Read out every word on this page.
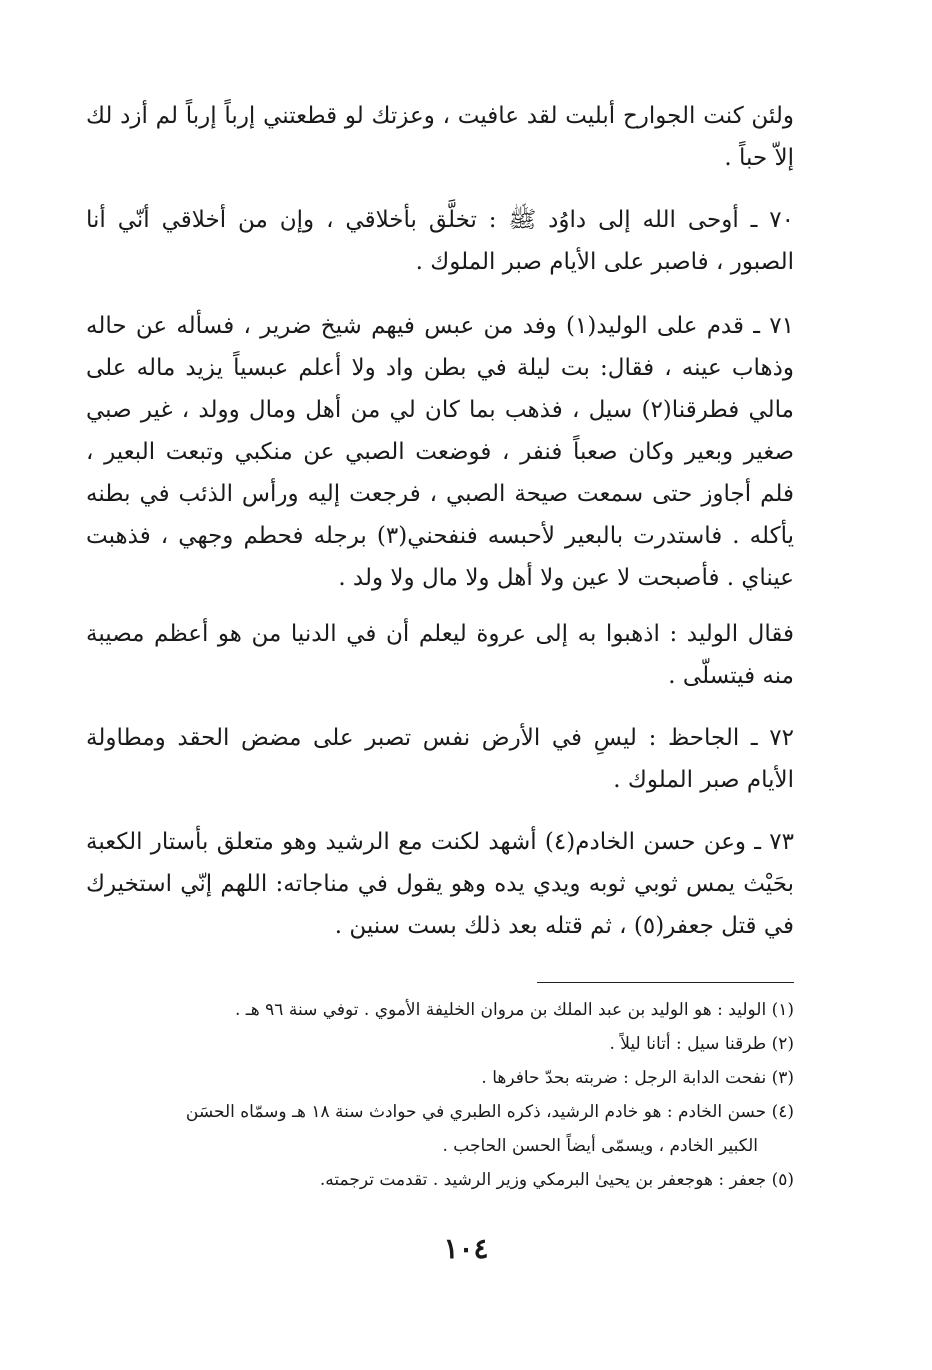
ولئن كنت الجوارح أبليت لقد عافيت ، وعزتك لو قطعتني إرباً إرباً لم أزد لك إلاّ حباً .

٧٠ ـ أوحى الله إلى داوُد ﷺ : تخلَّق بأخلاقي ، وإن من أخلاقي أنّي أنا الصبور ، فاصبر على الأيام صبر الملوك .

٧١ ـ قدم على الوليد(١) وفد من عبس فيهم شيخ ضرير ، فسأله عن حاله وذهاب عينه ، فقال: بت ليلة في بطن واد ولا أعلم عبسياً يزيد ماله على مالي فطرقنا(٢) سيل ، فذهب بما كان لي من أهل ومال وولد ، غير صبي صغير وبعير وكان صعباً فنفر ، فوضعت الصبي عن منكبي وتبعت البعير ، فلم أجاوز حتى سمعت صيحة الصبي ، فرجعت إليه ورأس الذئب في بطنه يأكله . فاستدرت بالبعير لأحبسه فنفحني(٣) برجله فحطم وجهي ، فذهبت عيناي . فأصبحت لا عين ولا أهل ولا مال ولا ولد .

فقال الوليد : اذهبوا به إلى عروة ليعلم أن في الدنيا من هو أعظم مصيبة منه فيتسلّى .

٧٢ ـ الجاحظ : ليسِ في الأرض نفس تصبر على مضض الحقد ومطاولة الأيام صبر الملوك .

٧٣ ـ وعن حسن الخادم(٤) أشهد لكنت مع الرشيد وهو متعلق بأستار الكعبة بحَيْث يمس ثوبي ثوبه ويدي يده وهو يقول في مناجاته: اللهم إنّي استخيرك في قتل جعفر(٥) ، ثم قتله بعد ذلك بست سنين .

(١) الوليد : هو الوليد بن عبد الملك بن مروان الخليفة الأموي . توفي سنة ٩٦ هـ .

(٢) طرقنا سيل : أتانا ليلاً .

(٣) نفحت الدابة الرجل : ضربته بحدّ حافرها .

(٤) حسن الخادم : هو خادم الرشيد، ذكره الطبري في حوادث سنة ١٨ هـ وسمّاه الحسَن

الكبير الخادم ، ويسمّى أيضاً الحسن الحاجب .

(٥) جعفر : هوجعفر بن يحيىٰ البرمكي وزير الرشيد . تقدمت ترجمته.

١٠٤
